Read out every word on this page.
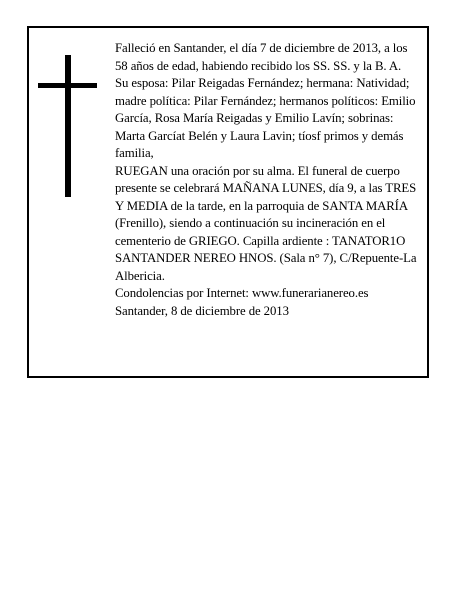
Falleció en Santander, el día 7 de diciembre de 2013, a los 58 años de edad, habiendo recibido los SS. SS. y la B. A.

Su esposa: Pilar Reigadas Fernández; hermana: Natividad; madre política: Pilar Fernández; hermanos políticos: Emilio García, Rosa María Reigadas y Emilio Lavín; sobrinas: Marta Garcíat Belén y Laura Lavin; tíosf primos y demás familia,

RUEGAN una oración por su alma. El funeral de cuerpo presente se celebrará MAÑANA LUNES, día 9, a las TRES Y MEDIA de la tarde, en la parroquia de SANTA MARÍA (Frenillo), siendo a continuación su incineración en el cementerio de GRIEGO. Capilla ardiente : TANATOR1O SANTANDER NEREO HNOS. (Sala n° 7), C/Repuente-La Albericia.

Condolencias por Internet: www.funerarianereo.es

Santander, 8 de diciembre de 2013
